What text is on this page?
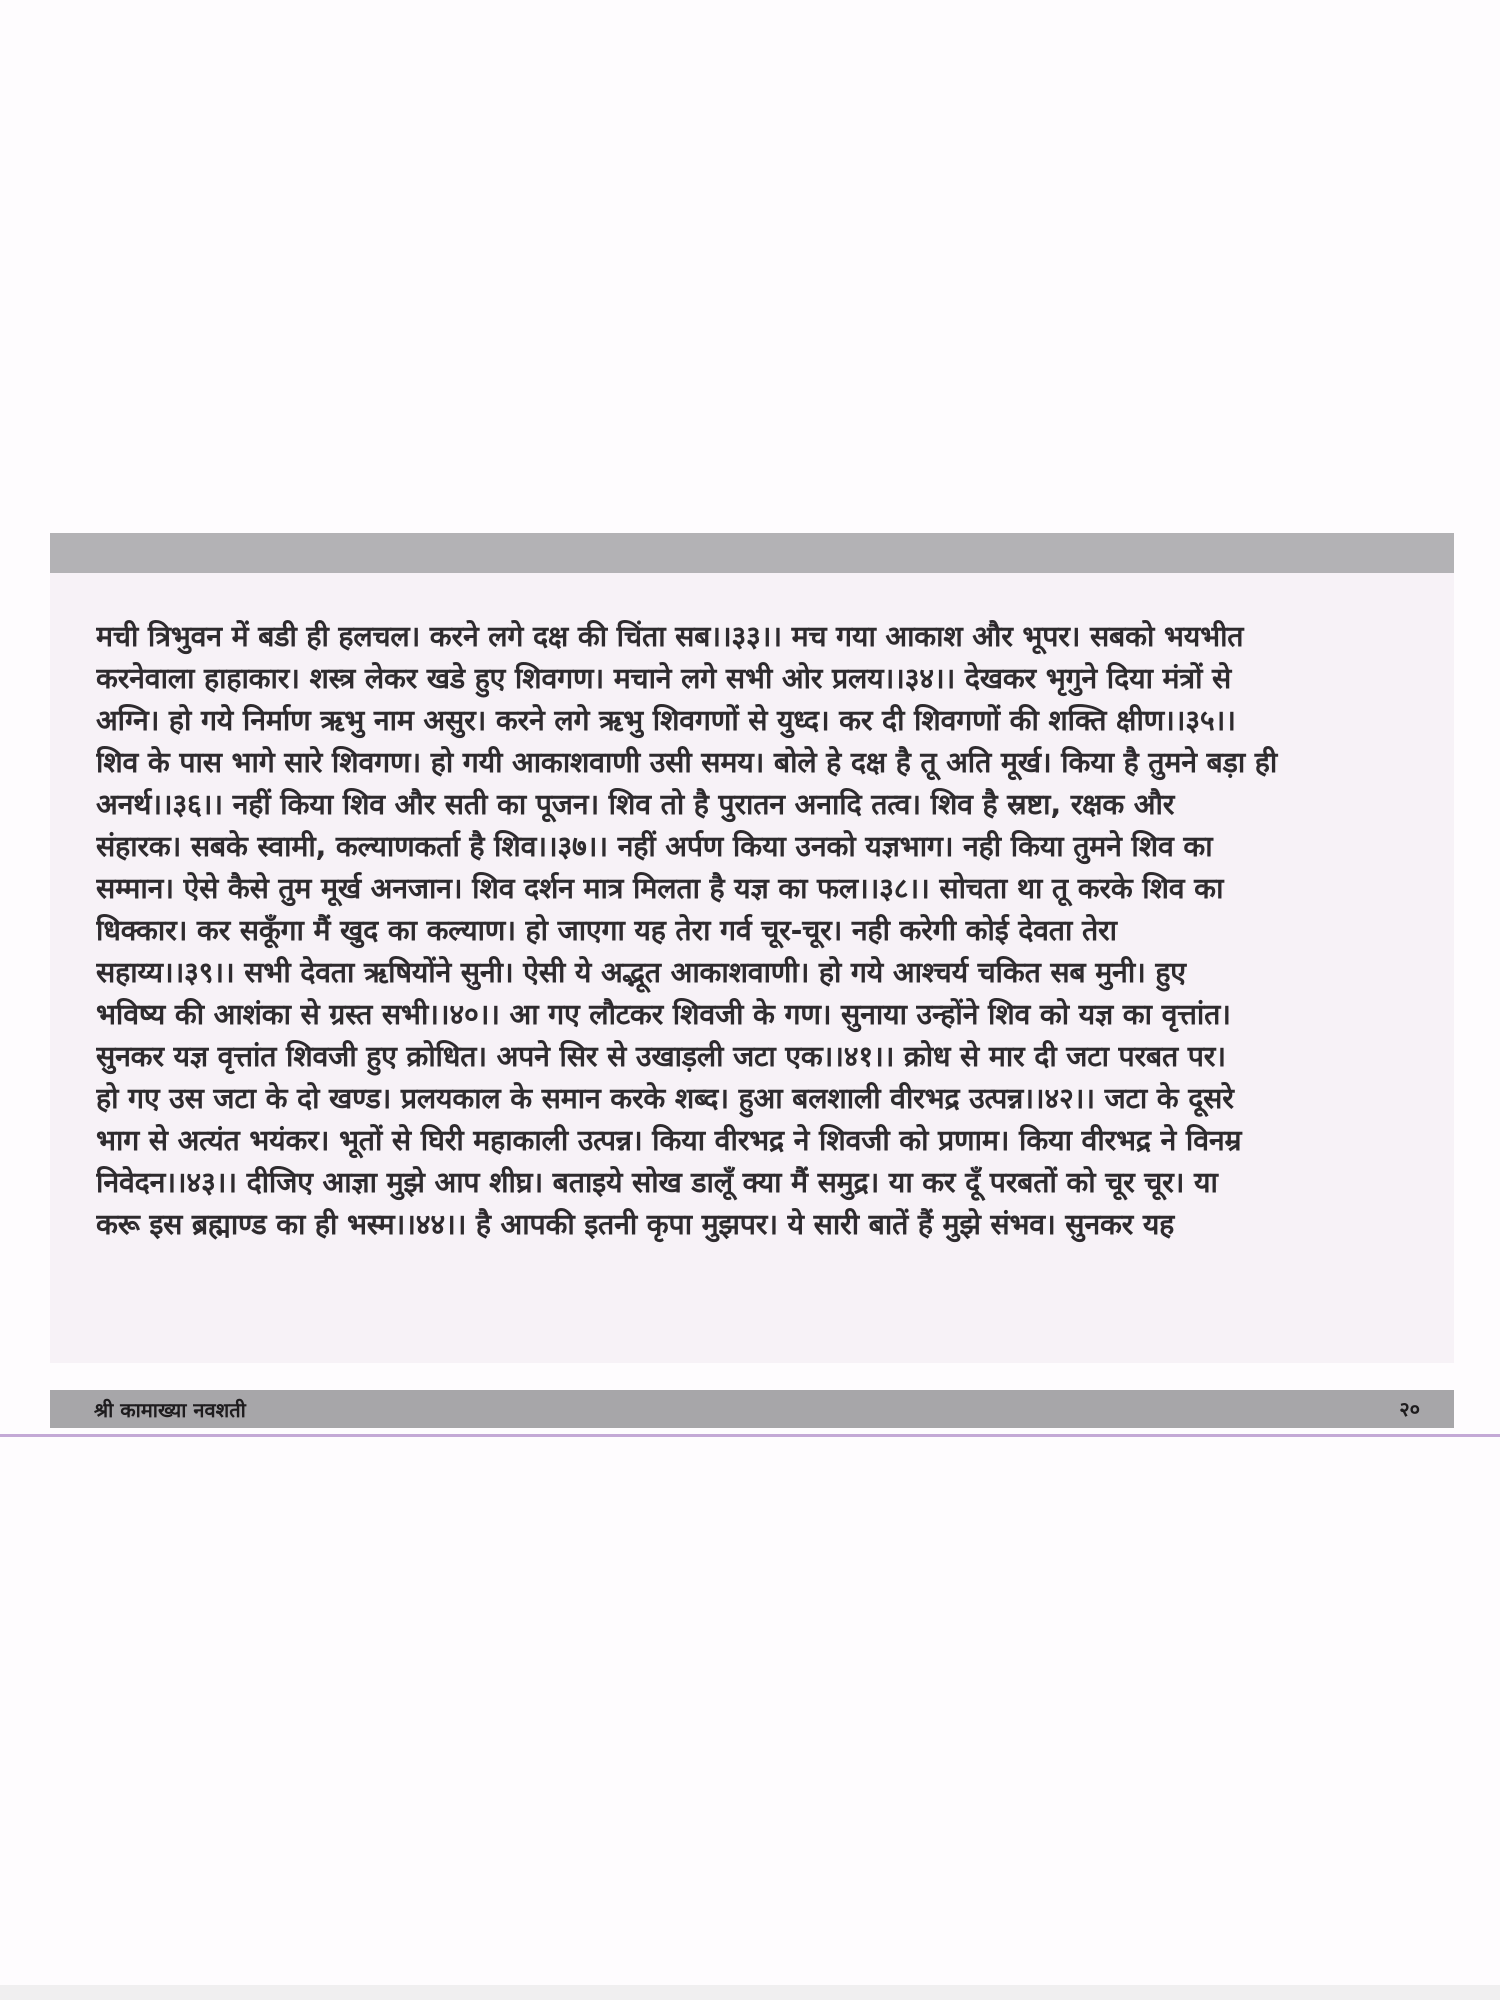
मची त्रिभुवन में बडी ही हलचल। करने लगे दक्ष की चिंता सब।।३३।। मच गया आकाश और भूपर। सबको भयभीत
करनेवाला हाहाकार। शस्त्र लेकर खडे हुए शिवगण। मचाने लगे सभी ओर प्रलय।।३४।। देखकर भृगुने दिया मंत्रों से
अग्नि। हो गये निर्माण ऋभु नाम असुर। करने लगे ऋभु शिवगणों से युध्द। कर दी शिवगणों की शक्ति क्षीण।।३५।।
शिव के पास भागे सारे शिवगण। हो गयी आकाशवाणी उसी समय। बोले हे दक्ष है तू अति मूर्ख। किया है तुमने बड़ा ही
अनर्थ।।३६।। नहीं किया शिव और सती का पूजन। शिव तो है पुरातन अनादि तत्व। शिव है स्रष्टा, रक्षक और
संहारक। सबके स्वामी, कल्याणकर्ता है शिव।।३७।। नहीं अर्पण किया उनको यज्ञभाग। नही किया तुमने शिव का
सम्मान। ऐसे कैसे तुम मूर्ख अनजान। शिव दर्शन मात्र मिलता है यज्ञ का फल।।३८।। सोचता था तू करके शिव का
धिक्कार। कर सकूँगा मैं खुद का कल्याण। हो जाएगा यह तेरा गर्व चूर-चूर। नही करेगी कोई देवता तेरा
सहाय्य।।३९।। सभी देवता ऋषियोंने सुनी। ऐसी ये अद्भूत आकाशवाणी। हो गये आश्चर्य चकित सब मुनी। हुए
भविष्य की आशंका से ग्रस्त सभी।।४०।। आ गए लौटकर शिवजी के गण। सुनाया उन्होंने शिव को यज्ञ का वृत्तांत।
सुनकर यज्ञ वृत्तांत शिवजी हुए क्रोधित। अपने सिर से उखाड़ली जटा एक।।४१।। क्रोध से मार दी जटा परबत पर।
हो गए उस जटा के दो खण्ड। प्रलयकाल के समान करके शब्द। हुआ बलशाली वीरभद्र उत्पन्न।।४२।। जटा के दूसरे
भाग से अत्यंत भयंकर। भूतों से घिरी महाकाली उत्पन्न। किया वीरभद्र ने शिवजी को प्रणाम। किया वीरभद्र ने विनम्र
निवेदन।।४३।। दीजिए आज्ञा मुझे आप शीघ्र। बताइये सोख डालूँ क्या मैं समुद्र। या कर दूँ परबतों को चूर चूर। या
करू इस ब्रह्माण्ड का ही भस्म।।४४।। है आपकी इतनी कृपा मुझपर। ये सारी बातें हैं मुझे संभव। सुनकर यह
श्री कामाख्या नवशती	२०
